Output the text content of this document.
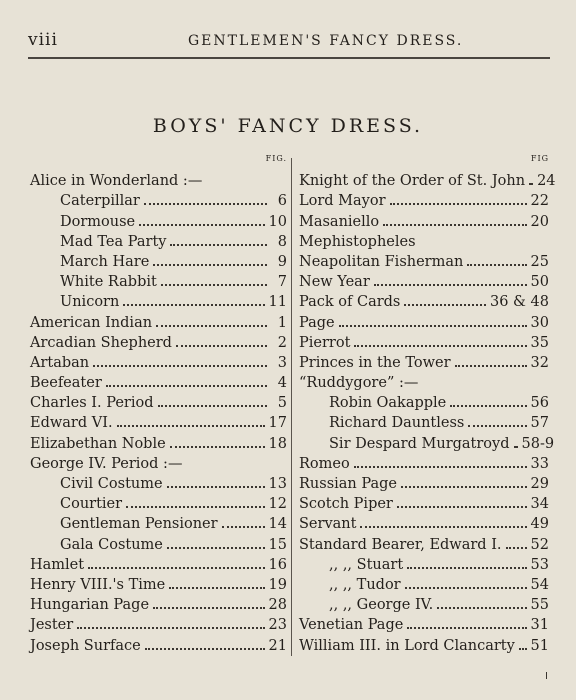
viii	GENTLEMEN'S FANCY DRESS.
BOYS' FANCY DRESS.
FIG.
Alice in Wonderland :—
Caterpillar	6
Dormouse	10
Mad Tea Party	8
March Hare	9
White Rabbit	7
Unicorn	11
American Indian	1
Arcadian Shepherd	2
Artaban	3
Beefeater	4
Charles I. Period	5
Edward VI.	17
Elizabethan Noble	18
George IV. Period :—
Civil Costume	13
Courtier	12
Gentleman Pensioner	14
Gala Costume	15
Hamlet	16
Henry VIII.'s Time	19
Hungarian Page	28
Jester	23
Joseph Surface	21
FIG
Knight of the Order of St. John 24
Lord Mayor	22
Masaniello	20
Mephistopheles
Neapolitan Fisherman	25
New Year	50
Pack of Cards	36 & 48
Page	30
Pierrot	35
Princes in the Tower	32
“Ruddygore” :—
Robin Oakapple	56
Richard Dauntless	57
Sir Despard Murgatroyd 58-9
Romeo	33
Russian Page	29
Scotch Piper	34
Servant	49
Standard Bearer, Edward I. 52
,, ,, Stuart	53
,, ,, Tudor	54
,, ,, George IV.	55
Venetian Page	31
William III. in Lord Clancarty 51
